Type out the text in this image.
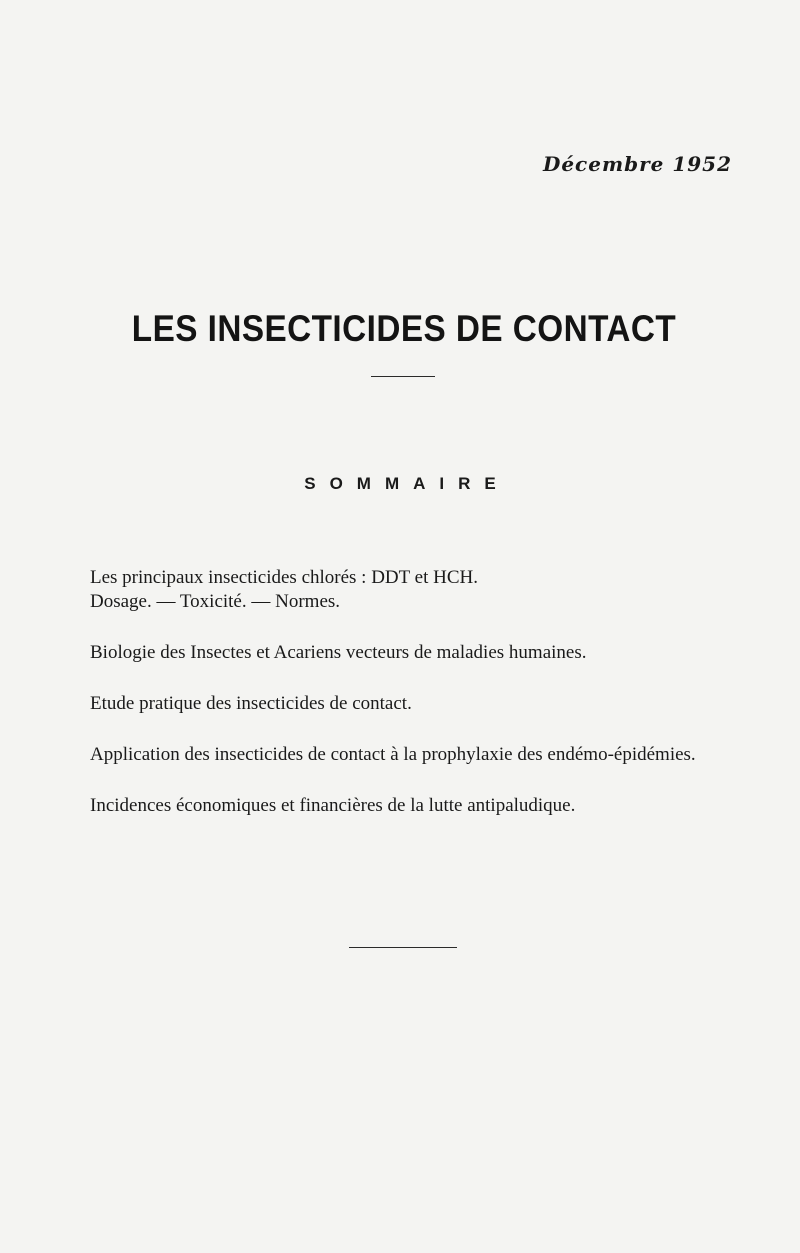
Décembre 1952
LES INSECTICIDES DE CONTACT
SOMMAIRE

Les principaux insecticides chlorés : DDT et HCH.
Dosage. — Toxicité. — Normes.

Biologie des Insectes et Acariens vecteurs de maladies humaines.

Etude pratique des insecticides de contact.

Application des insecticides de contact à la prophylaxie des endémo-épidémies.

Incidences économiques et financières de la lutte antipaludique.
